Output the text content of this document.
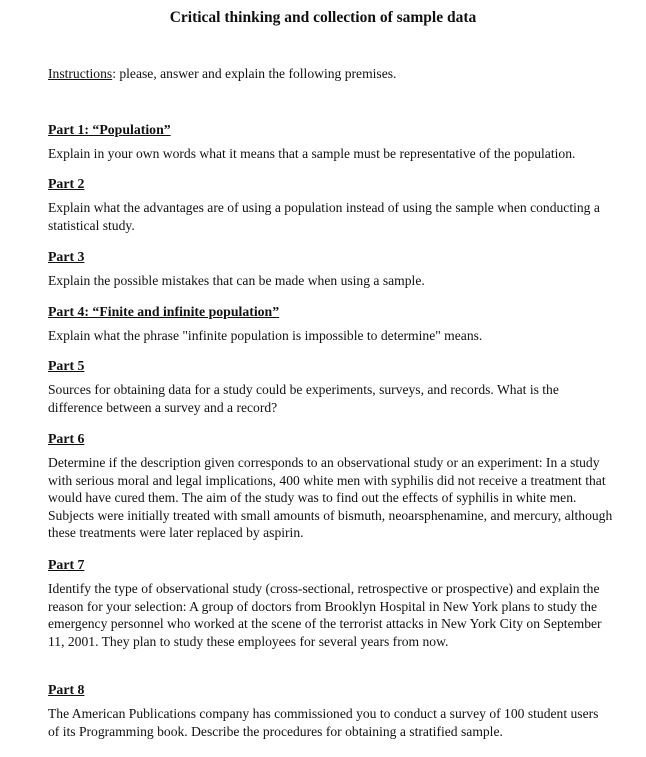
Critical thinking and collection of sample data

Instructions: please, answer and explain the following premises.

Part 1: “Population”

Explain in your own words what it means that a sample must be representative of the population.

Part 2

Explain what the advantages are of using a population instead of using the sample when conducting a statistical study.

Part 3

Explain the possible mistakes that can be made when using a sample.

Part 4: “Finite and infinite population”

Explain what the phrase "infinite population is impossible to determine" means.

Part 5

Sources for obtaining data for a study could be experiments, surveys, and records. What is the difference between a survey and a record?

Part 6

Determine if the description given corresponds to an observational study or an experiment: In a study with serious moral and legal implications, 400 white men with syphilis did not receive a treatment that would have cured them. The aim of the study was to find out the effects of syphilis in white men. Subjects were initially treated with small amounts of bismuth, neoarsphenamine, and mercury, although these treatments were later replaced by aspirin.

Part 7

Identify the type of observational study (cross-sectional, retrospective or prospective) and explain the reason for your selection: A group of doctors from Brooklyn Hospital in New York plans to study the emergency personnel who worked at the scene of the terrorist attacks in New York City on September 11, 2001. They plan to study these employees for several years from now.

Part 8

The American Publications company has commissioned you to conduct a survey of 100 student users of its Programming book. Describe the procedures for obtaining a stratified sample.
